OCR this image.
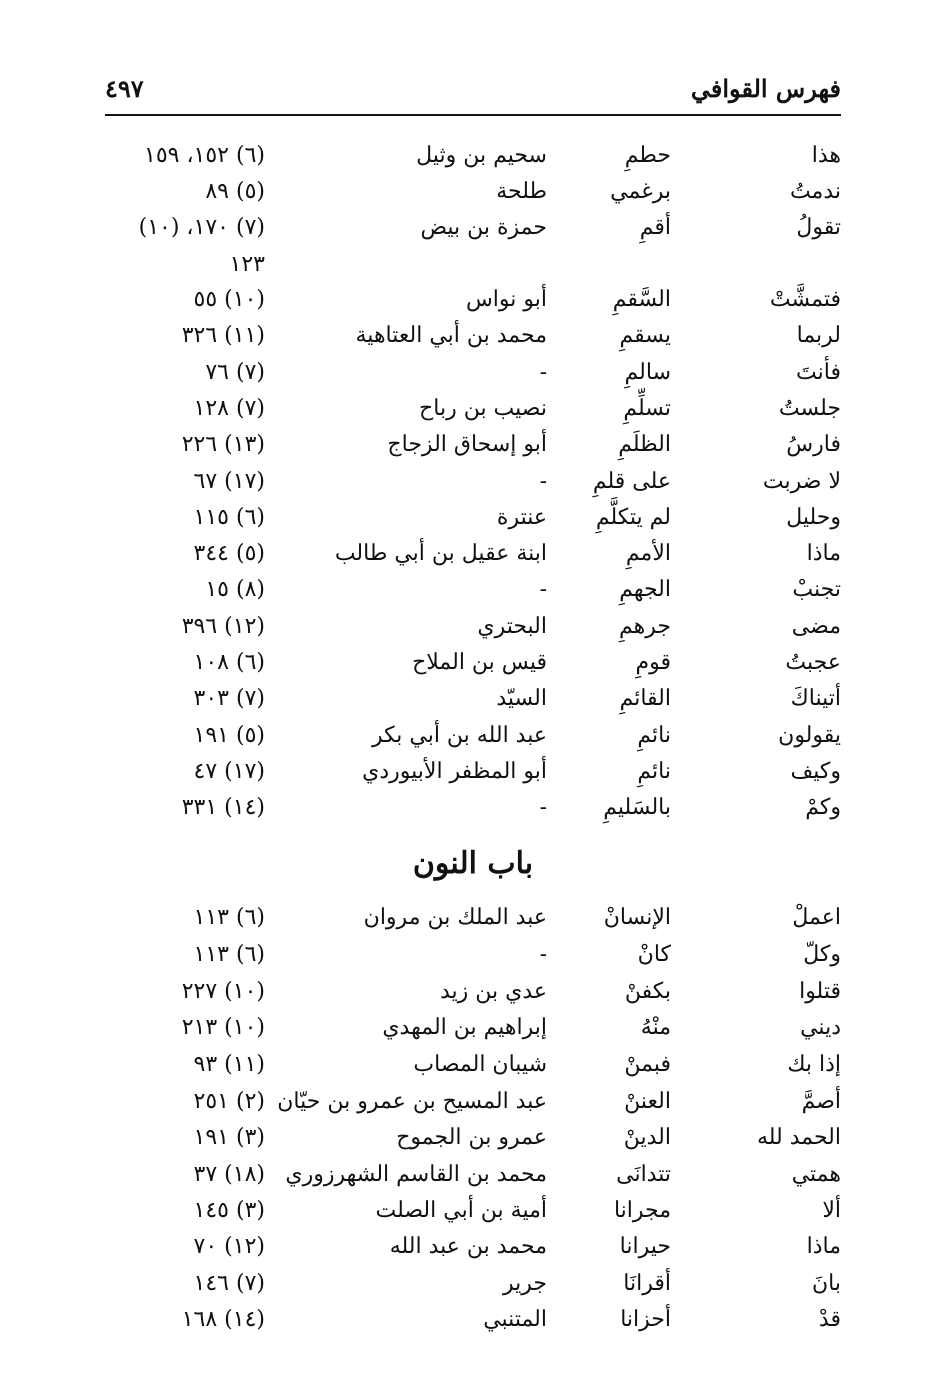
فهرس القوافي
٤٩٧
هذا
حطمِ
سحيم بن وثيل
(٦) ١٥٢، ١٥٩
ندمتُ
برغمي
طلحة
(٥) ٨٩
تقولُ
أقمِ
حمزة بن بيض
(٧) ١٧٠، (١٠)
فتمشَّتْ
السَّقمِ
أبو نواس
(١٠) ٥٥
لربما
يسقمِ
محمد بن أبي العتاهية
(١١) ٣٢٦
فأنتَ
سالمِ
-
(٧) ٧٦
جلستُ
تسلِّمِ
نصيب بن رباح
(٧) ١٢٨
فارسُ
الظلَمِ
أبو إسحاق الزجاج
(١٣) ٢٢٦
لا ضربت
على قلمِ
-
(١٧) ٦٧
وحليل
لم يتكلَّمِ
عنترة
(٦) ١١٥
ماذا
الأممِ
ابنة عقيل بن أبي طالب
(٥) ٣٤٤
تجنبْ
الجهمِ
-
(٨) ١٥
مضى
جرهمِ
البحتري
(١٢) ٣٩٦
عجبتُ
قومِ
قيس بن الملاح
(٦) ١٠٨
أتيناكَ
القائمِ
السيّد
(٧) ٣٠٣
يقولون
نائمِ
عبد الله بن أبي بكر
(٥) ١٩١
وكيف
نائمِ
أبو المظفر الأبيوردي
(١٧) ٤٧
وكمْ
بالسَليمِ
-
(١٤) ٣٣١
١٢٣
باب النون
اعملْ
الإنسانْ
عبد الملك بن مروان
(٦) ١١٣
وكلّ
كانْ
-
(٦) ١١٣
قتلوا
بكفنْ
عدي بن زيد
(١٠) ٢٢٧
ديني
منْهُ
إبراهيم بن المهدي
(١٠) ٢١٣
إذا بك
فبمنْ
شيبان المصاب
(١١) ٩٣
أصمَّ
العننْ
عبد المسيح بن عمرو بن حيّان
(٢) ٢٥١
الحمد لله
الدينْ
عمرو بن الجموح
(٣) ١٩١
همتي
تتدانَى
محمد بن القاسم الشهرزوري
(١٨) ٣٧
ألا
مجرانا
أمية بن أبي الصلت
(٣) ١٤٥
ماذا
حيرانا
محمد بن عبد الله
(١٢) ٧٠
بانَ
أقرانَا
جرير
(٧) ١٤٦
قدْ
أحزانا
المتنبي
(١٤) ١٦٨
